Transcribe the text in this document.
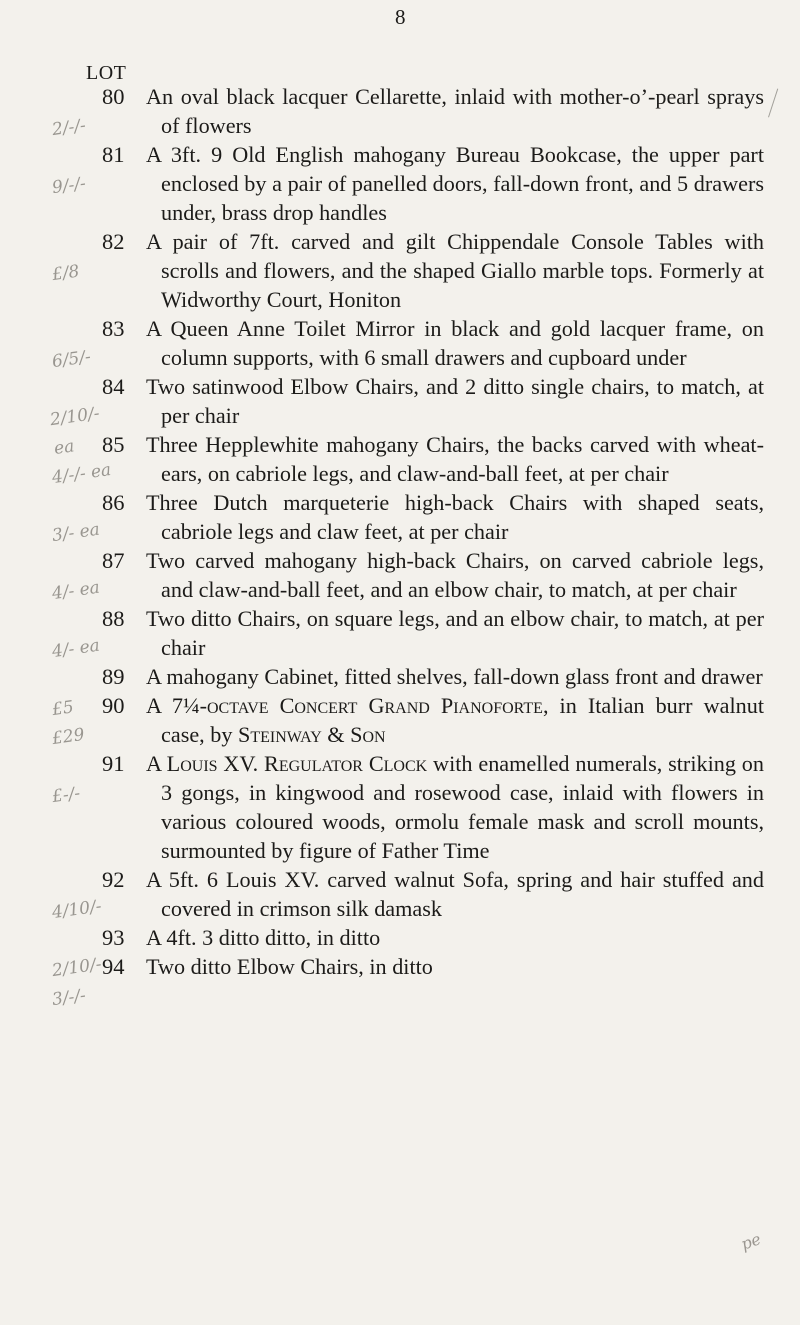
8
LOT
80
2/-/-
An oval black lacquer Cellarette, inlaid with mother-o’-pearl sprays of flowers
81
9/-/-
A 3ft. 9 Old English mahogany Bureau Bookcase, the upper part enclosed by a pair of panelled doors, fall-down front, and 5 drawers under, brass drop handles
82
£/8
A pair of 7ft. carved and gilt Chippendale Console Tables with scrolls and flowers, and the shaped Giallo marble tops. Formerly at Widworthy Court, Honiton
83
6/5/-
A Queen Anne Toilet Mirror in black and gold lacquer frame, on column supports, with 6 small drawers and cupboard under
84
2/10/- ea
Two satinwood Elbow Chairs, and 2 ditto single chairs, to match, at per chair
85
4/-/- ea
Three Hepplewhite mahogany Chairs, the backs carved with wheat-ears, on cabriole legs, and claw-and-ball feet, at per chair
86
3/- ea
Three Dutch marqueterie high-back Chairs with shaped seats, cabriole legs and claw feet, at per chair
87
4/- ea
Two carved mahogany high-back Chairs, on carved cabriole legs, and claw-and-ball feet, and an elbow chair, to match, at per chair
88
4/- ea
Two ditto Chairs, on square legs, and an elbow chair, to match, at per chair
89
£5
A mahogany Cabinet, fitted shelves, fall-down glass front and drawer
90
£29
A 7¼-octave Concert Grand Pianoforte, in Italian burr walnut case, by Steinway & Son
91
£-/-
A Louis XV. Regulator Clock with enamelled numerals, striking on 3 gongs, in kingwood and rosewood case, inlaid with flowers in various coloured woods, ormolu female mask and scroll mounts, surmounted by figure of Father Time
92
4/10/-
A 5ft. 6 Louis XV. carved walnut Sofa, spring and hair stuffed and covered in crimson silk damask
93
2/10/-
A 4ft. 3 ditto ditto, in ditto
94
3/-/-
Two ditto Elbow Chairs, in ditto
pe
